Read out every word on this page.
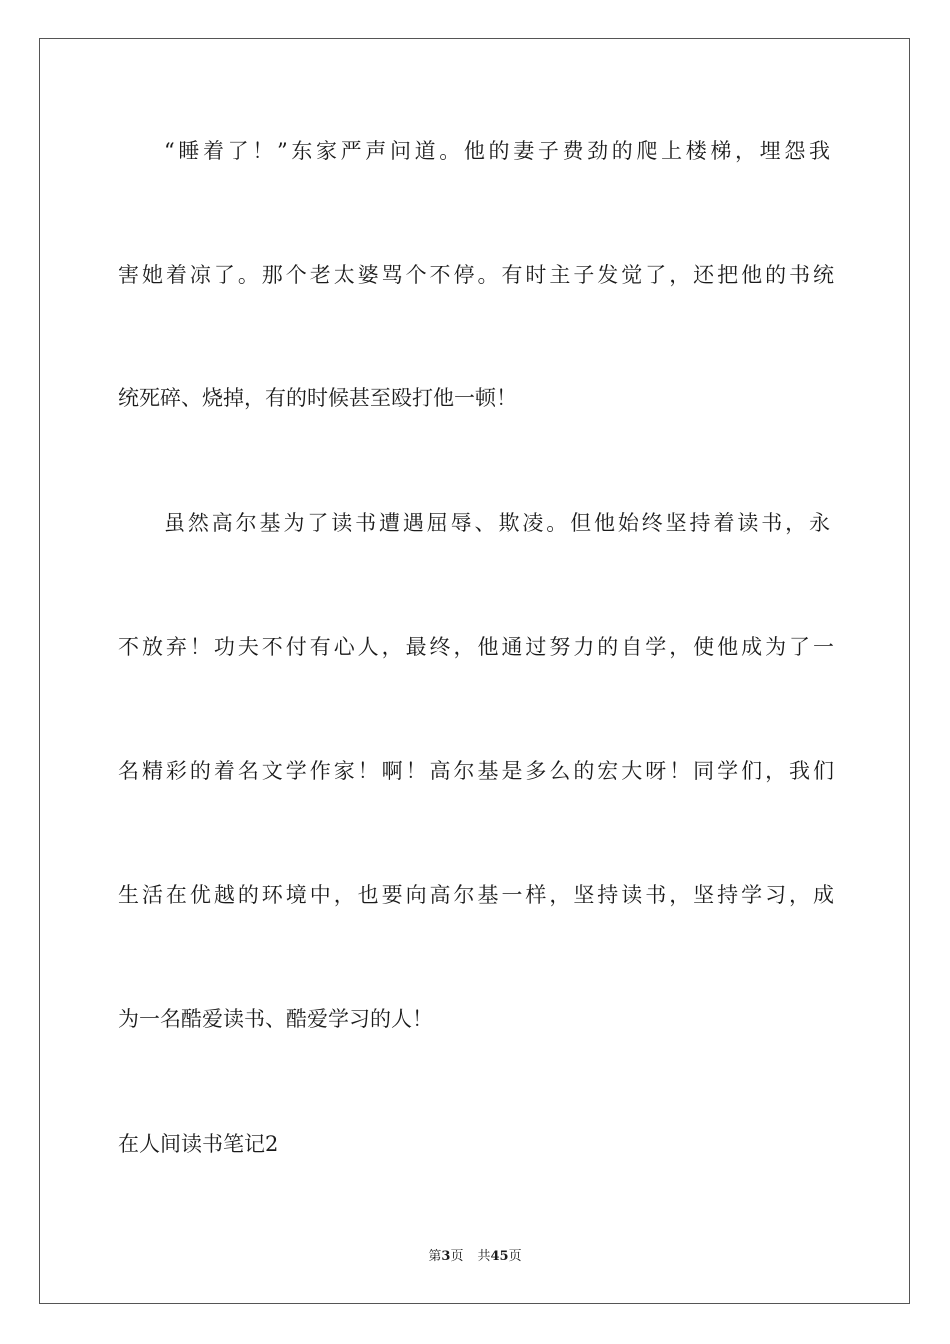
“睡着了！”东家严声问道。他的妻子费劲的爬上楼梯，埋怨我
害她着凉了。那个老太婆骂个不停。有时主子发觉了，还把他的书统
统死碎、烧掉，有的时候甚至殴打他一顿！
虽然高尔基为了读书遭遇屈辱、欺凌。但他始终坚持着读书，永
不放弃！功夫不付有心人，最终，他通过努力的自学，使他成为了一
名精彩的着名文学作家！啊！高尔基是多么的宏大呀！同学们，我们
生活在优越的环境中，也要向高尔基一样，坚持读书，坚持学习，成
为一名酷爱读书、酷爱学习的人！
在人间读书笔记2
第3页 共45页
